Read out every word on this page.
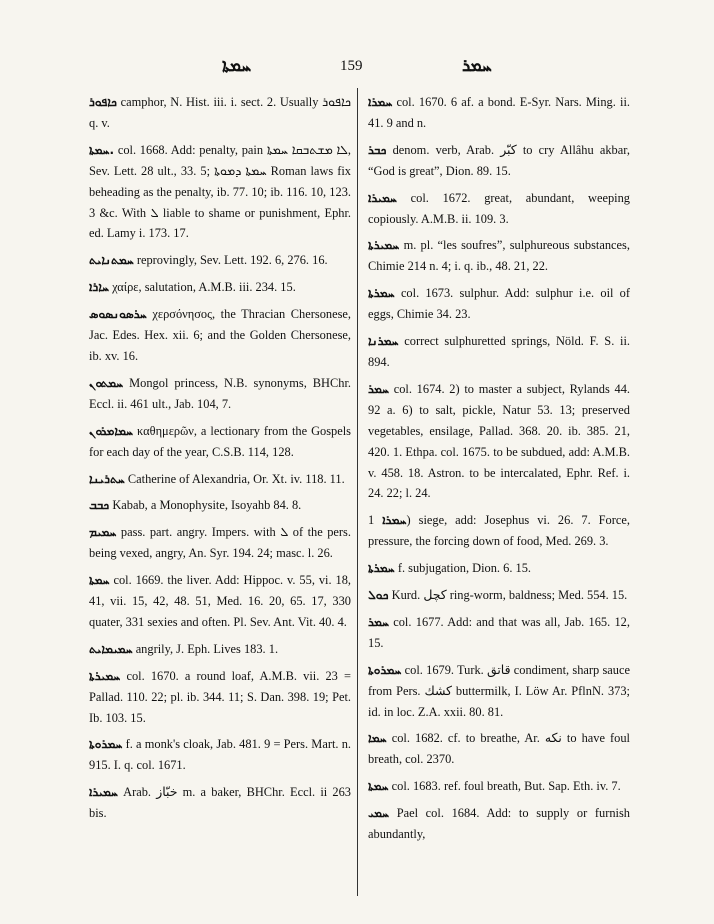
ܚܡܬܐ	159	ܚܡܪ

ܟܐܦܘܪ camphor, N. Hist. iii. i. sect. 2. Usually ܟܐܦܘܪ q. v.

ܚܡܬܐ. col. 1668. Add: penalty, pain ܠܐ ܡܫܬܒܩܐ ܚܡܬܐ, Sev. Lett. 28 ult., 33. 5; ܚܡܬܐ ܕܡܘܬܐ Roman laws fix beheading as the penalty, ib. 77. 10; ib. 116. 10, 123. 3 &c. With ܠ liable to shame or punishment, Ephr. ed. Lamy i. 173. 17.

ܚܡܬܢܐܝܬ reprovingly, Sev. Lett. 192. 6, 276. 16.

ܚܐܪܐ χαίρε, salutation, A.M.B. iii. 234. 15.

ܚܪܣܘܢܣܘܣ χερσόνησος, the Thracian Chersonese, Jac. Edes. Hex. xii. 6; and the Golden Chersonese, ib. xv. 16.

ܚܡܬܘܢ Mongol princess, N.B. synonyms, BHChr. Eccl. ii. 461 ult., Jab. 104, 7.

ܚܡܐܡܪܘܢ καθημερῶν, a lectionary from the Gospels for each day of the year, C.S.B. 114, 128.

ܚܬܪܝܢܐ Catherine of Alexandria, Or. Xt. iv. 118. 11.

ܟܒܒ Kabab, a Monophysite, Isoyahb 84. 8.

ܚܡܝܡ pass. part. angry. Impers. with ܠ of the pers. being vexed, angry, An. Syr. 194. 24; masc. l. 26.

ܚܡܬܐ col. 1669. the liver. Add: Hippoc. v. 55, vi. 18, 41, vii. 15, 42, 48. 51, Med. 16. 20, 65. 17, 330 quater, 331 sexies and often. Pl. Sev. Ant. Vit. 40. 4.

ܚܡܝܡܐܝܬ angrily, J. Eph. Lives 183. 1.

ܚܡܝܪܬܐ col. 1670. a round loaf, A.M.B. vii. 23 = Pallad. 110. 22; pl. ib. 344. 11; S. Dan. 398. 19; Pet. Ib. 103. 15.

ܚܡܪܘܬܐ f. a monk's cloak, Jab. 481. 9 = Pers. Mart. n. 915. I. q. col. 1671.

ܚܡܝܪܐ Arab. خبّاز m. a baker, BHChr. Eccl. ii 263 bis.

ܚܡܪܐ col. 1670. 6 af. a bond. E-Syr. Nars. Ming. ii. 41. 9 and n.

ܟܒܪ denom. verb, Arab. كبّر to cry Allâhu akbar, “God is great”, Dion. 89. 15.

ܚܡܝܪܐ col. 1672. great, abundant, weeping copiously. A.M.B. ii. 109. 3.

ܚܡܝܪܬܐ m. pl. “les soufres”, sulphureous substances, Chimie 214 n. 4; i. q. ib., 48. 21, 22.

ܚܡܪܬܐ col. 1673. sulphur. Add: sulphur i.e. oil of eggs, Chimie 34. 23.

ܚܡܪܢܐ correct sulphuretted springs, Nöld. F. S. ii. 894.

ܚܡܪ col. 1674. 2) to master a subject, Rylands 44. 92 a. 6) to salt, pickle, Natur 53. 13; preserved vegetables, ensilage, Pallad. 368. 20. ib. 385. 21, 420. 1. Ethpa. col. 1675. to be subdued, add: A.M.B. v. 458. 18. Astron. to be intercalated, Ephr. Ref. i. 24. 22; l. 24.

ܚܡܪܐ 1) siege, add: Josephus vi. 26. 7. Force, pressure, the forcing down of food, Med. 269. 3.

ܚܡܪܬܐ f. subjugation, Dion. 6. 15.

ܟܘܠ Kurd. كچل ring-worm, baldness; Med. 554. 15.

ܚܡܪ col. 1677. Add: and that was all, Jab. 165. 12, 15.

ܚܡܪܘܬܐ col. 1679. Turk. قاتق condiment, sharp sauce from Pers. كشك buttermilk, I. Löw Ar. PflnN. 373; id. in loc. Z.A. xxii. 80. 81.

ܚܡܐ col. 1682. cf. to breathe, Ar. نكه to have foul breath, col. 2370.

ܚܡܬܐ col. 1683. ref. foul breath, But. Sap. Eth. iv. 7.

ܚܡܝ Pael col. 1684. Add: to supply or furnish abundantly,
